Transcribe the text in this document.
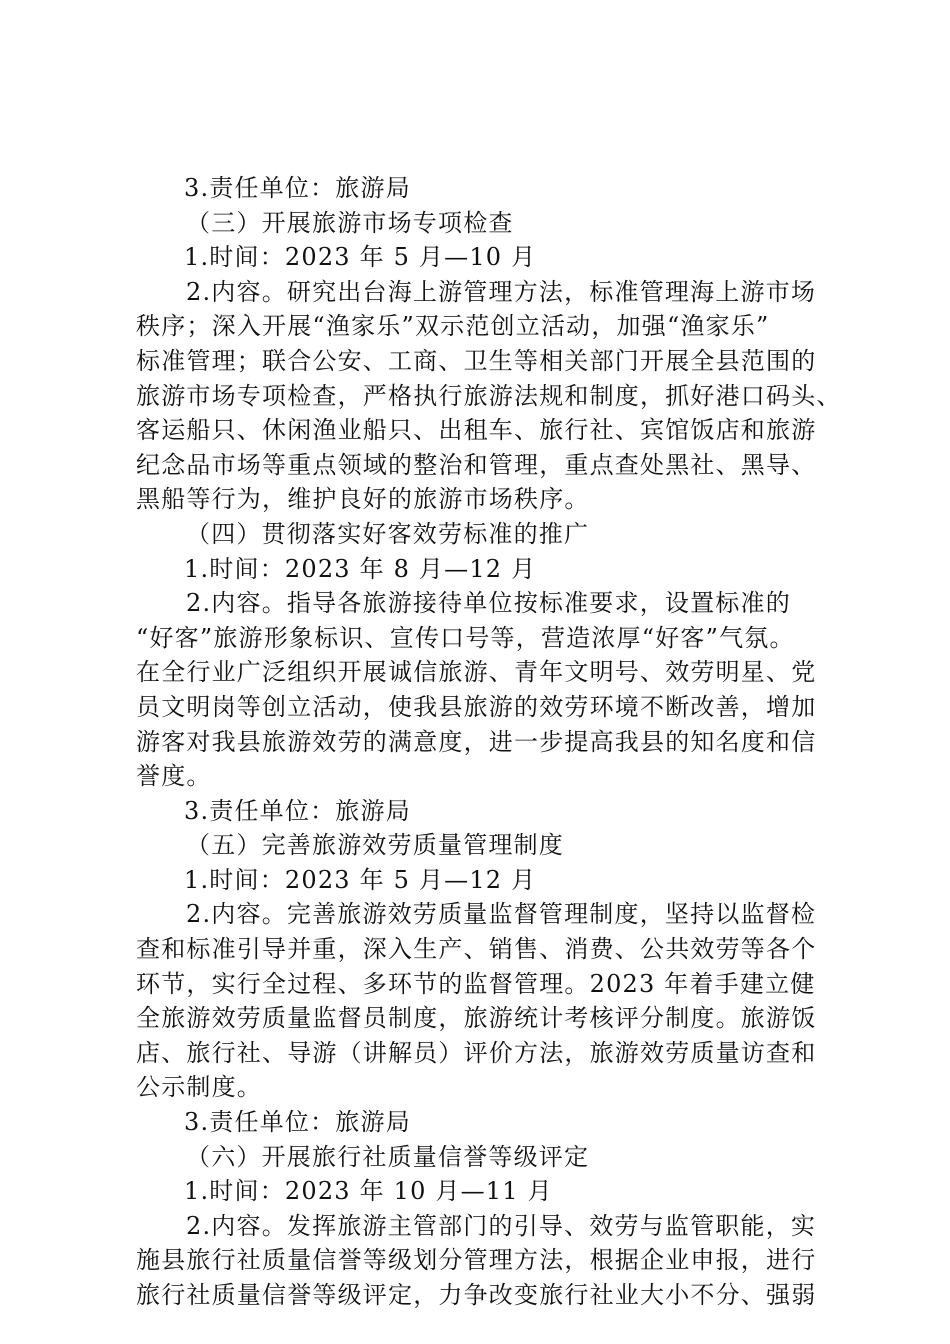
3.责任单位：旅游局
（三）开展旅游市场专项检查
1.时间：2023 年 5 月—10 月
2.内容。研究出台海上游管理方法，标准管理海上游市场
秩序；深入开展“渔家乐”双示范创立活动，加强“渔家乐”
标准管理；联合公安、工商、卫生等相关部门开展全县范围的
旅游市场专项检查，严格执行旅游法规和制度，抓好港口码头、
客运船只、休闲渔业船只、出租车、旅行社、宾馆饭店和旅游
纪念品市场等重点领域的整治和管理，重点查处黑社、黑导、
黑船等行为，维护良好的旅游市场秩序。
（四）贯彻落实好客效劳标准的推广
1.时间：2023 年 8 月—12 月
2.内容。指导各旅游接待单位按标准要求，设置标准的
“好客”旅游形象标识、宣传口号等，营造浓厚“好客”气氛。
在全行业广泛组织开展诚信旅游、青年文明号、效劳明星、党
员文明岗等创立活动，使我县旅游的效劳环境不断改善，增加
游客对我县旅游效劳的满意度，进一步提高我县的知名度和信
誉度。
3.责任单位：旅游局
（五）完善旅游效劳质量管理制度
1.时间：2023 年 5 月—12 月
2.内容。完善旅游效劳质量监督管理制度，坚持以监督检
查和标准引导并重，深入生产、销售、消费、公共效劳等各个
环节，实行全过程、多环节的监督管理。2023 年着手建立健
全旅游效劳质量监督员制度，旅游统计考核评分制度。旅游饭
店、旅行社、导游（讲解员）评价方法，旅游效劳质量访查和
公示制度。
3.责任单位：旅游局
（六）开展旅行社质量信誉等级评定
1.时间：2023 年 10 月—11 月
2.内容。发挥旅游主管部门的引导、效劳与监管职能，实
施县旅行社质量信誉等级划分管理方法，根据企业申报，进行
旅行社质量信誉等级评定，力争改变旅行社业大小不分、强弱
